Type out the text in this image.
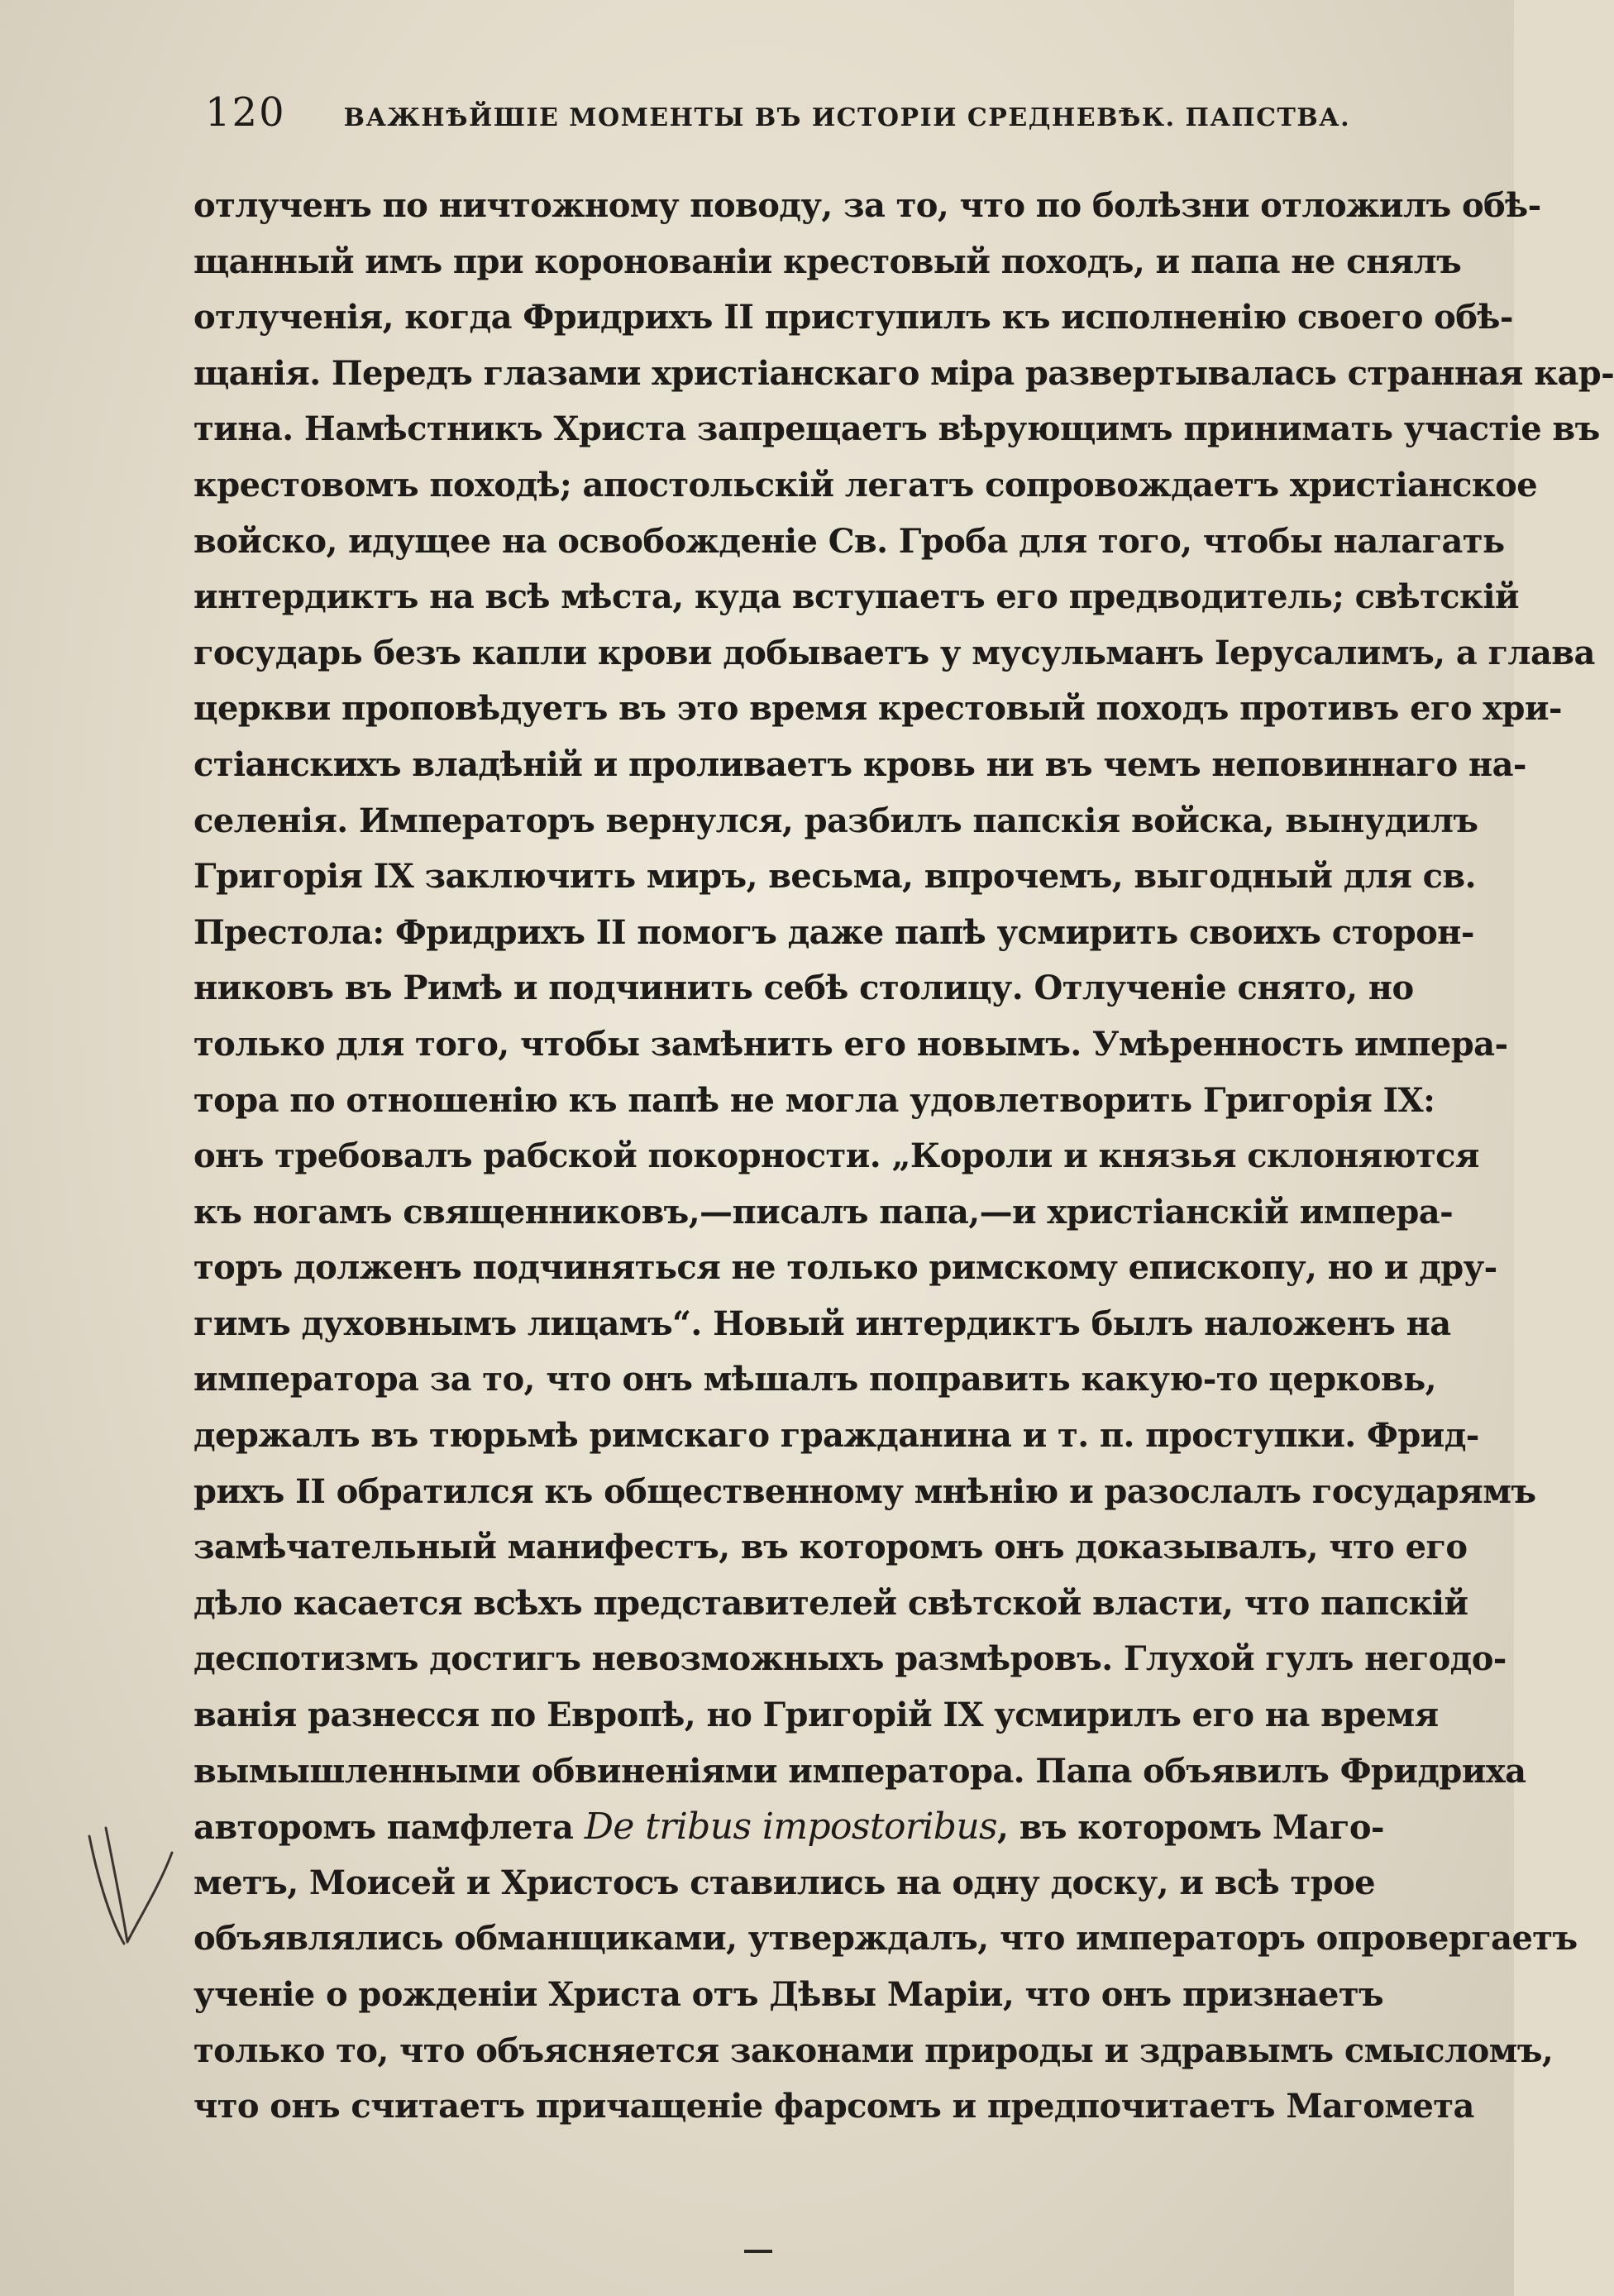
120 ВАЖНѢЙШІЕ МОМЕНТЫ ВЪ ИСТОРІИ СРЕДНЕВѢК. ПАПСТВА.
отлученъ по ничтожному поводу, за то, что по болѣзни отложилъ обѣ-
щанный имъ при коронованіи крестовый походъ, и папа не снялъ
отлученія, когда Фридрихъ II приступилъ къ исполненію своего обѣ-
щанія. Передъ глазами христіанскаго міра развертывалась странная кар-
тина. Намѣстникъ Христа запрещаетъ вѣрующимъ принимать участіе въ
крестовомъ походѣ; апостольскій легатъ сопровождаетъ христіанское
войско, идущее на освобожденіе Св. Гроба для того, чтобы налагать
интердиктъ на всѣ мѣста, куда вступаетъ его предводитель; свѣтскій
государь безъ капли крови добываетъ у мусульманъ Іерусалимъ, а глава
церкви проповѣдуетъ въ это время крестовый походъ противъ его хри-
стіанскихъ владѣній и проливаетъ кровь ни въ чемъ неповиннаго на-
селенія. Императоръ вернулся, разбилъ папскія войска, вынудилъ
Григорія IX заключить миръ, весьма, впрочемъ, выгодный для св.
Престола: Фридрихъ II помогъ даже папѣ усмирить своихъ сторон-
никовъ въ Римѣ и подчинить себѣ столицу. Отлученіе снято, но
только для того, чтобы замѣнить его новымъ. Умѣренность импера-
тора по отношенію къ папѣ не могла удовлетворить Григорія IX:
онъ требовалъ рабской покорности. „Короли и князья склоняются
къ ногамъ священниковъ,—писалъ папа,—и христіанскій импера-
торъ долженъ подчиняться не только римскому епископу, но и дру-
гимъ духовнымъ лицамъ“. Новый интердиктъ былъ наложенъ на
императора за то, что онъ мѣшалъ поправить какую-то церковь,
держалъ въ тюрьмѣ римскаго гражданина и т. п. проступки. Фрид-
рихъ II обратился къ общественному мнѣнію и разослалъ государямъ
замѣчательный манифестъ, въ которомъ онъ доказывалъ, что его
дѣло касается всѣхъ представителей свѣтской власти, что папскій
деспотизмъ достигъ невозможныхъ размѣровъ. Глухой гулъ негодо-
ванія разнесся по Европѣ, но Григорій IX усмирилъ его на время
вымышленными обвиненіями императора. Папа объявилъ Фридриха
авторомъ памфлета De tribus impostoribus, въ которомъ Маго-
метъ, Моисей и Христосъ ставились на одну доску, и всѣ трое
объявлялись обманщиками, утверждалъ, что императоръ опровергаетъ
ученіе о рожденіи Христа отъ Дѣвы Маріи, что онъ признаетъ
только то, что объясняется законами природы и здравымъ смысломъ,
что онъ считаетъ причащеніе фарсомъ и предпочитаетъ Магомета
